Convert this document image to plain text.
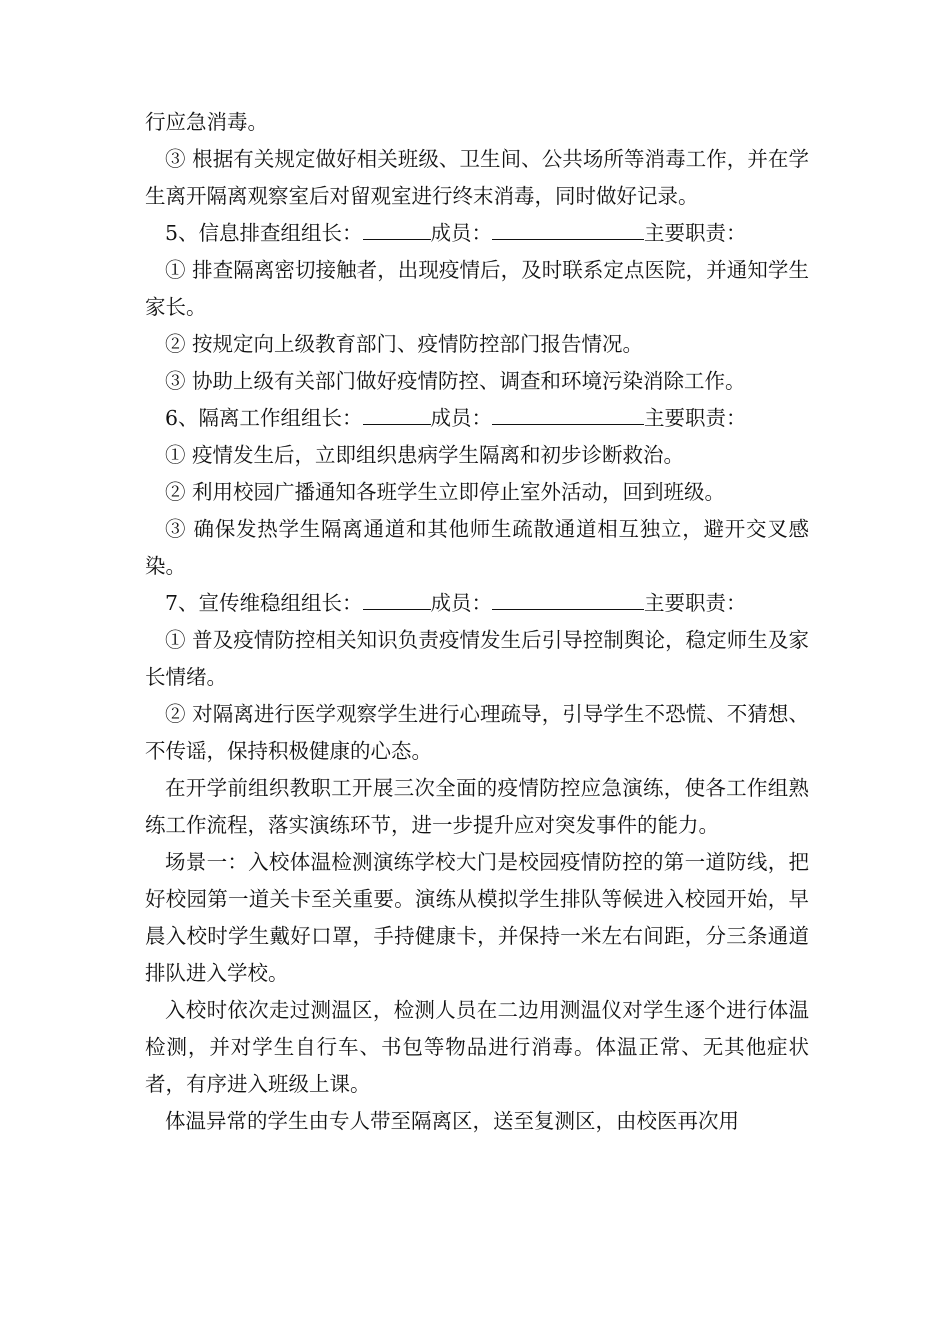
行应急消毒。

③ 根据有关规定做好相关班级、卫生间、公共场所等消毒工作，并在学生离开隔离观察室后对留观室进行终末消毒，同时做好记录。

5、信息排查组组长：	成员：	主要职责：

① 排查隔离密切接触者，出现疫情后，及时联系定点医院，并通知学生家长。

② 按规定向上级教育部门、疫情防控部门报告情况。

③ 协助上级有关部门做好疫情防控、调查和环境污染消除工作。

6、隔离工作组组长：	成员：	主要职责：

① 疫情发生后，立即组织患病学生隔离和初步诊断救治。

② 利用校园广播通知各班学生立即停止室外活动，回到班级。

③ 确保发热学生隔离通道和其他师生疏散通道相互独立，避开交叉感染。

7、宣传维稳组组长：	成员：	主要职责：

① 普及疫情防控相关知识负责疫情发生后引导控制舆论，稳定师生及家长情绪。

② 对隔离进行医学观察学生进行心理疏导，引导学生不恐慌、不猜想、不传谣，保持积极健康的心态。

在开学前组织教职工开展三次全面的疫情防控应急演练，使各工作组熟练工作流程，落实演练环节，进一步提升应对突发事件的能力。

场景一：入校体温检测演练学校大门是校园疫情防控的第一道防线，把好校园第一道关卡至关重要。演练从模拟学生排队等候进入校园开始，早晨入校时学生戴好口罩，手持健康卡，并保持一米左右间距，分三条通道排队进入学校。

入校时依次走过测温区，检测人员在二边用测温仪对学生逐个进行体温检测，并对学生自行车、书包等物品进行消毒。体温正常、无其他症状者，有序进入班级上课。

体温异常的学生由专人带至隔离区，送至复测区，由校医再次用
